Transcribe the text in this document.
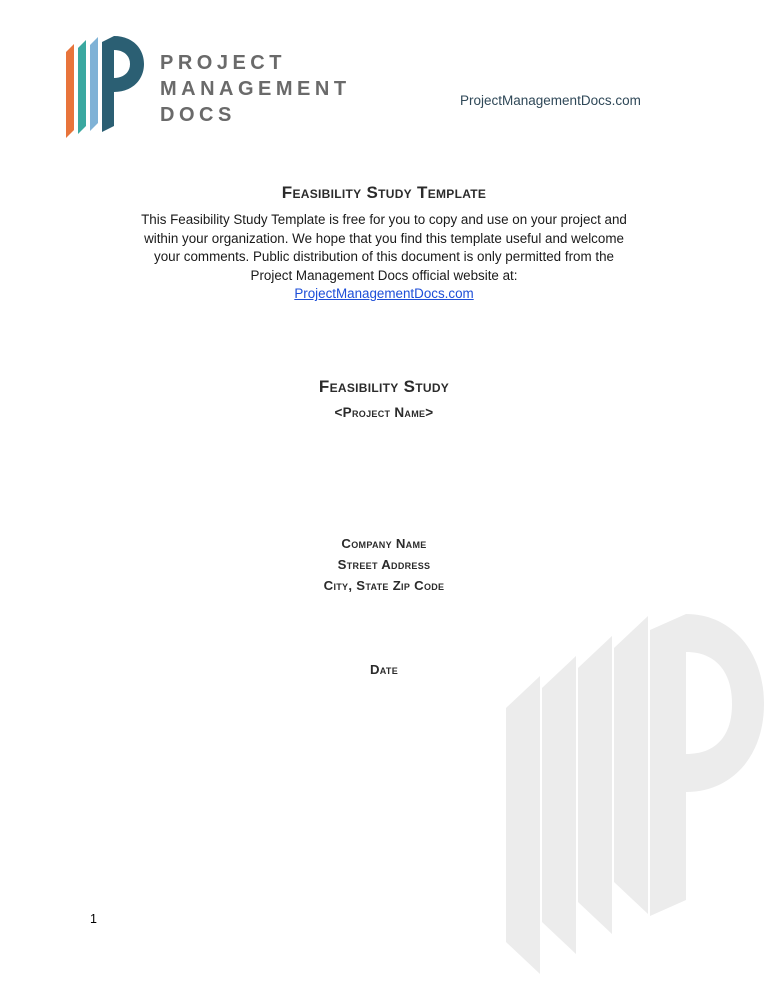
PROJECT
MANAGEMENT
DOCS
ProjectManagementDocs.com
Feasibility Study Template

This Feasibility Study Template is free for you to copy and use on your project and within your organization. We hope that you find this template useful and welcome your comments. Public distribution of this document is only permitted from the Project Management Docs official website at:

ProjectManagementDocs.com

Feasibility Study
<Project Name>
Company Name
Street Address
City, State Zip Code
Date
1
